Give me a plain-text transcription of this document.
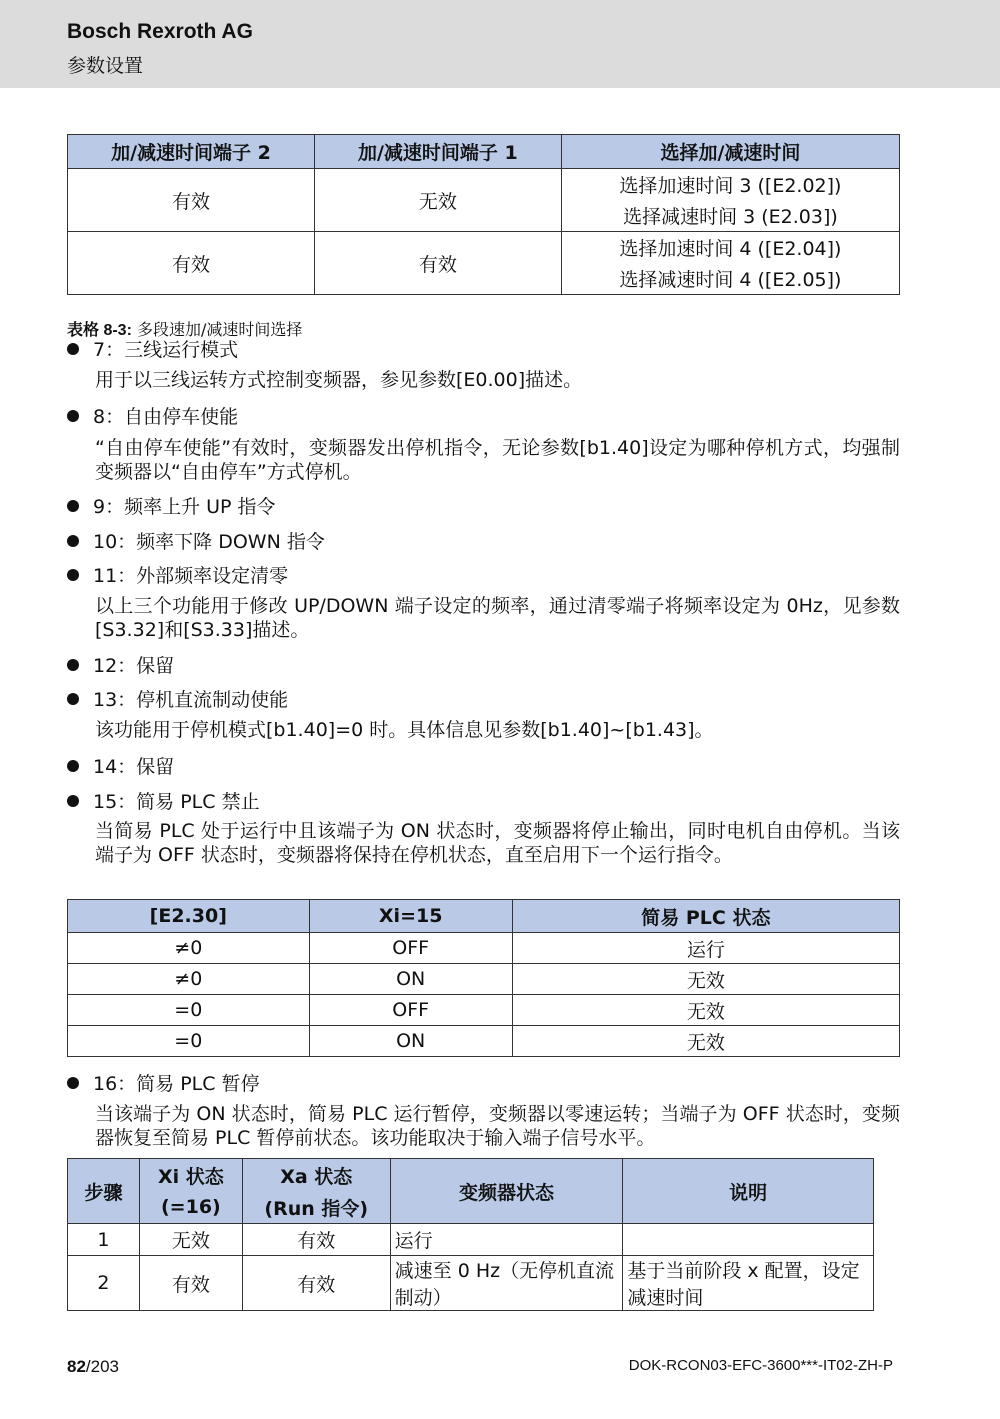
Bosch Rexroth AG
参数设置
加/减速时间端子 2	加/减速时间端子 1	选择加/减速时间
有效	无效	选择加速时间 3 ([E2.02])
		选择减速时间 3 (E2.03])
有效	有效	选择加速时间 4 ([E2.04])
		选择减速时间 4 ([E2.05])
表格 8-3: 多段速加/减速时间选择
7：三线运行模式
用于以三线运转方式控制变频器，参见参数[E0.00]描述。
8：自由停车使能
“自由停车使能”有效时，变频器发出停机指令，无论参数[b1.40]设定为哪种停机方式，均强制变频器以“自由停车”方式停机。
9：频率上升 UP 指令
10：频率下降 DOWN 指令
11：外部频率设定清零
以上三个功能用于修改 UP/DOWN 端子设定的频率，通过清零端子将频率设定为 0Hz，见参数 [S3.32]和[S3.33]描述。
12：保留
13：停机直流制动使能
该功能用于停机模式[b1.40]=0 时。具体信息见参数[b1.40]~[b1.43]。
14：保留
15：简易 PLC 禁止
当简易 PLC 处于运行中且该端子为 ON 状态时，变频器将停止输出，同时电机自由停机。当该端子为 OFF 状态时，变频器将保持在停机状态，直至启用下一个运行指令。
[E2.30]	Xi=15	简易 PLC 状态
≠0	OFF	运行
≠0	ON	无效
=0	OFF	无效
=0	ON	无效
16：简易 PLC 暂停
当该端子为 ON 状态时，简易 PLC 运行暂停，变频器以零速运转；当端子为 OFF 状态时，变频器恢复至简易 PLC 暂停前状态。该功能取决于输入端子信号水平。
步骤	Xi 状态	Xa 状态	变频器状态	说明
	(=16)	(Run 指令)		
1	无效	有效	运行	
2	有效	有效	减速至 0 Hz（无停机直流制动）	基于当前阶段 x 配置，设定减速时间
82/203	DOK-RCON03-EFC-3600***-IT02-ZH-P
